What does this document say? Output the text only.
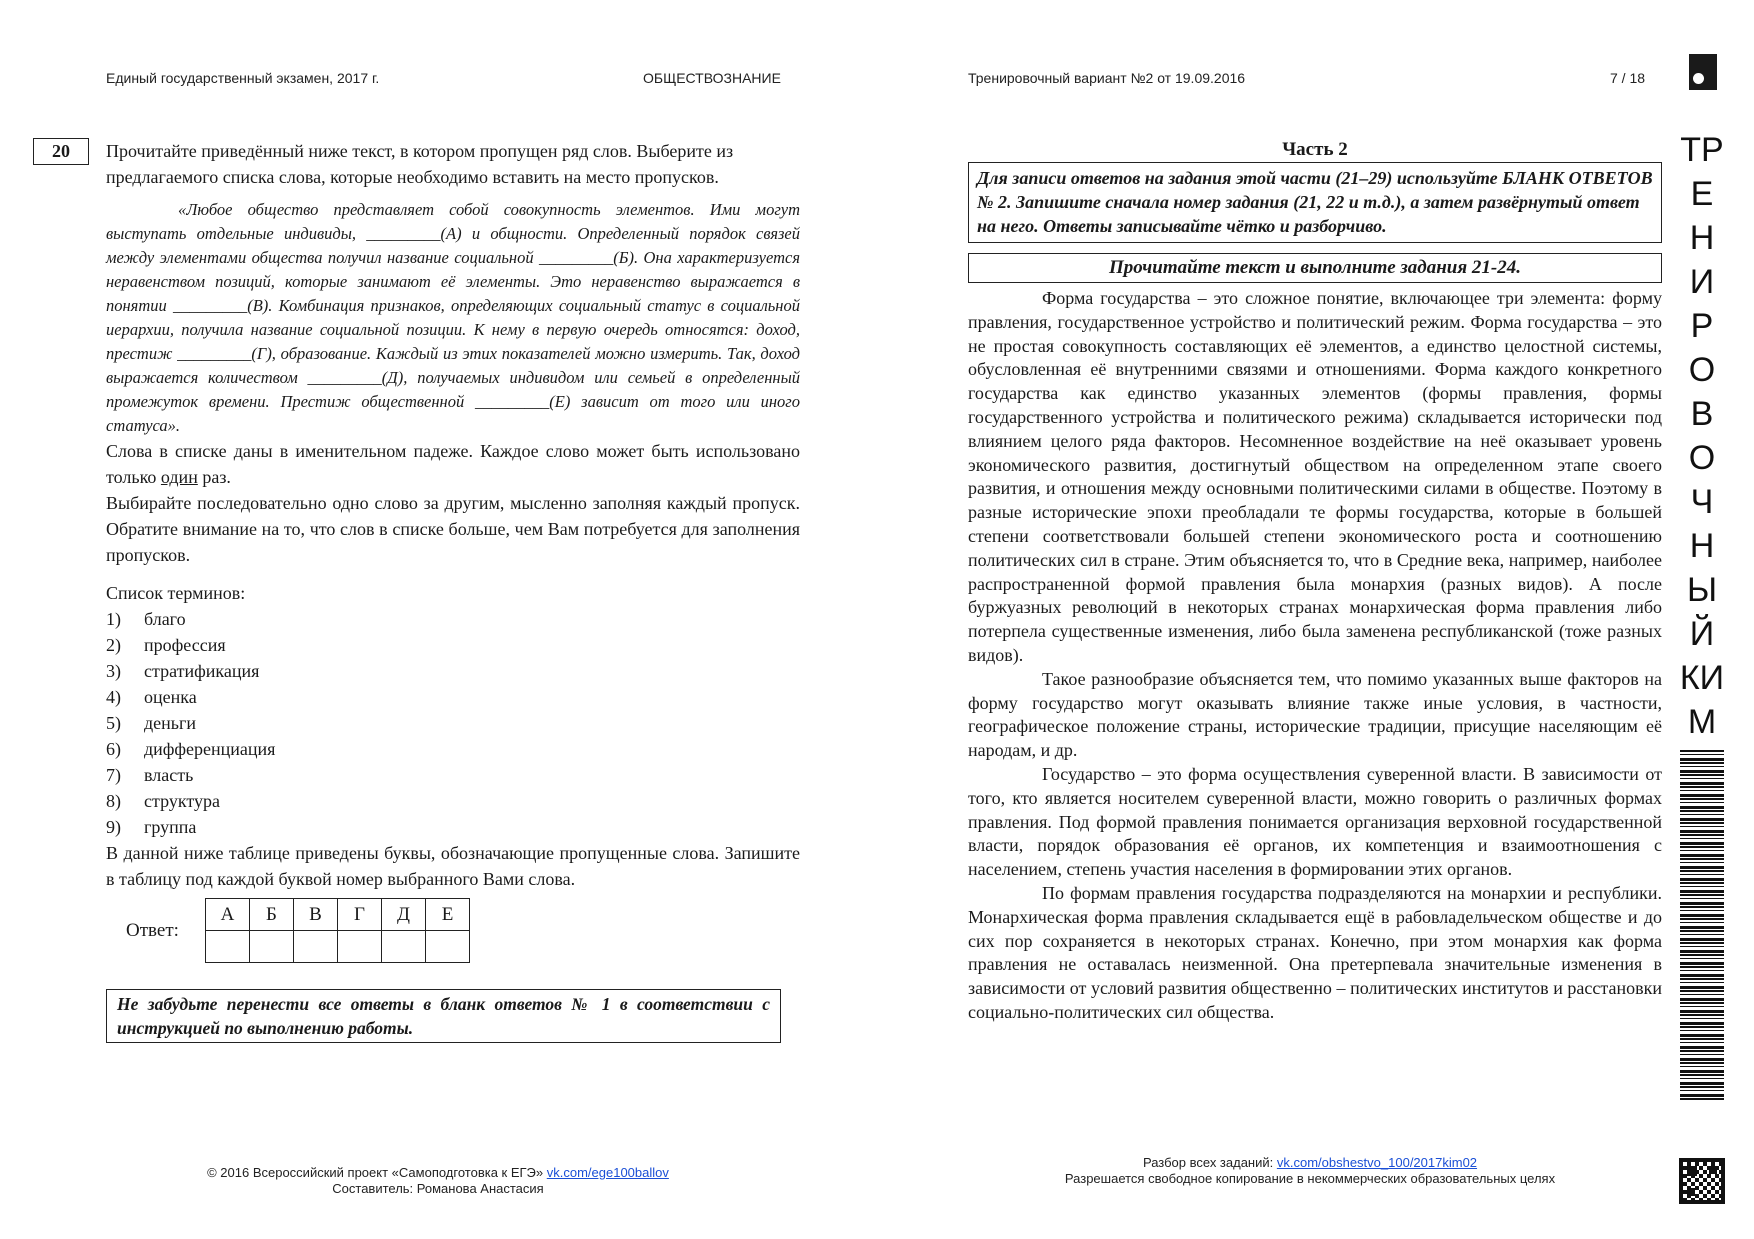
Единый государственный экзамен, 2017 г.	ОБЩЕСТВОЗНАНИЕ	Тренировочный вариант №2 от 19.09.2016	7 / 18
20	Прочитайте приведённый ниже текст, в котором пропущен ряд слов. Выберите из предлагаемого списка слова, которые необходимо вставить на место пропусков.

«Любое общество представляет собой совокупность элементов. Ими могут выступать отдельные индивиды, _________(А) и общности. Определенный порядок связей между элементами общества получил название социальной _________(Б). Она характеризуется неравенством позиций, которые занимают её элементы. Это неравенство выражается в понятии _________(В). Комбинация признаков, определяющих социальный статус в социальной иерархии, получила название социальной позиции. К нему в первую очередь относятся: доход, престиж _________(Г), образование. Каждый из этих показателей можно измерить. Так, доход выражается количеством _________(Д), получаемых индивидом или семьей в определенный промежуток времени. Престиж общественной _________(Е) зависит от того или иного статуса».

Слова в списке даны в именительном падеже. Каждое слово может быть использовано только один раз.

Выбирайте последовательно одно слово за другим, мысленно заполняя каждый пропуск. Обратите внимание на то, что слов в списке больше, чем Вам потребуется для заполнения пропусков.

Список терминов:

1)	благо
2)	профессия
3)	стратификация
4)	оценка
5)	деньги
6)	дифференциация
7)	власть
8)	структура
9)	группа

В данной ниже таблице приведены буквы, обозначающие пропущенные слова. Запишите в таблицу под каждой буквой номер выбранного Вами слова.

Ответ:
А	Б	В	Г	Д	Е

Не забудьте перенести все ответы в бланк ответов № 1 в соответствии с инструкцией по выполнению работы.
Часть 2
Для записи ответов на задания этой части (21–29) используйте БЛАНК ОТВЕТОВ № 2. Запишите сначала номер задания (21, 22 и т.д.), а затем развёрнутый ответ на него. Ответы записывайте чётко и разборчиво.
Прочитайте текст и выполните задания 21-24.

Форма государства – это сложное понятие, включающее три элемента: форму правления, государственное устройство и политический режим. Форма государства – это не простая совокупность составляющих её элементов, а единство целостной системы, обусловленная её внутренними связями и отношениями. Форма каждого конкретного государства как единство указанных элементов (формы правления, формы государственного устройства и политического режима) складывается исторически под влиянием целого ряда факторов. Несомненное воздействие на неё оказывает уровень экономического развития, достигнутый обществом на определенном этапе своего развития, и отношения между основными политическими силами в обществе. Поэтому в разные исторические эпохи преобладали те формы государства, которые в большей степени соответствовали большей степени экономического роста и соотношению политических сил в стране. Этим объясняется то, что в Средние века, например, наиболее распространенной формой правления была монархия (разных видов). А после буржуазных революций в некоторых странах монархическая форма правления либо потерпела существенные изменения, либо была заменена республиканской (тоже разных видов).

Такое разнообразие объясняется тем, что помимо указанных выше факторов на форму государство могут оказывать влияние также иные условия, в частности, географическое положение страны, исторические традиции, присущие населяющим её народам, и др.

Государство – это форма осуществления суверенной власти. В зависимости от того, кто является носителем суверенной власти, можно говорить о различных формах правления. Под формой правления понимается организация верховной государственной власти, порядок образования её органов, их компетенция и взаимоотношения с населением, степень участия населения в формировании этих органов.

По формам правления государства подразделяются на монархии и республики. Монархическая форма правления складывается ещё в рабовладельческом обществе и до сих пор сохраняется в некоторых странах. Конечно, при этом монархия как форма правления не оставалась неизменной. Она претерпевала значительные изменения в зависимости от условий развития общественно – политических институтов и расстановки социально-политических сил общества.

© 2016 Всероссийский проект «Самоподготовка к ЕГЭ» vk.com/ege100ballov
Составитель: Романова Анастасия
Разбор всех заданий: vk.com/obshestvo_100/2017kim02
Разрешается свободное копирование в некоммерческих образовательных целях
ТР
Е
Н
И
Р
О
В
О
Ч
Н
Ы
Й
КИ
М
